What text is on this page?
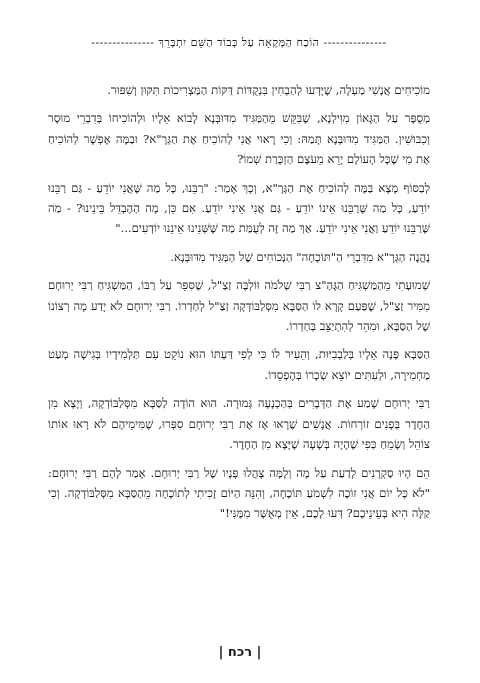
--------------- הוֹכַח הַמְּקָאָה עַל כְּבוֹד הַשֵּׁם יִתְבָּרֵךְ ---------------

מוֹכִיחִים אֲנָשִׁי מַעְלָה, שֶׁיָּדְעוּ לְהַבְחִין בִּנְקֻדּוֹת דַּקּוֹת הַמַּצְרִיכוֹת תִּקּוּן וְשִׁפּוּר.

מְסֻפָּר עַל הַגָּאוֹן מִוִּילְנָא, שֶׁבִּקֵּשׁ מֵהַמַּגִּיד מִדּוּבְּנָא לָבוֹא אֵלָיו וּלְהוֹכִיחוֹ בְּדִבְרֵי מוּסָר וְכִבּוּשִׁין. הַמַּגִּיד מִדּוּבְּנָא תָּמַהּ: וְכִי רָאוּי אֲנִי לְהוֹכִיחַ אֶת הַגְּרָ"א? וּבַמֶּה אֶפְשָׁר לְהוֹכִיחַ אֶת מִי שֶׁכָּל הָעוֹלָם יָרֵא מֵעֹצֶם הַזְכָּרַת שְׁמוֹ?

לְבַסּוֹף מָצָא בַּמֶּה לְהוֹכִיחַ אֶת הַגְּרָ"א, וְכָךְ אָמַר: "רַבֵּנוּ, כָּל מַה שֶּׁאֲנִי יוֹדֵעַ - גַּם רַבֵּנוּ יוֹדֵעַ, כָּל מַה שֶּׁרַבֵּנוּ אֵינוֹ יוֹדֵעַ - גַּם אֲנִי אֵינִי יוֹדֵעַ. אִם כֵּן, מָה הַהֶבְדֵּל בֵּינֵינוּ? - מַה שֶּׁרַבֵּנוּ יוֹדֵעַ וַאֲנִי אֵינִי יוֹדֵעַ. אַךְ מַה זֶּה לְעֻמַּת מַה שֶּׁשְּׁנֵינוּ אֵינֵנוּ יוֹדְעִים..."

נֶהֱנָה הַגְּרָ"א מִדִּבְרֵי הַ"תּוֹכָחָה" הַנְּכוֹחִים שֶׁל הַמַּגִּיד מִדּוּבְּנָא.

שְׁמוּעָתִי מֵהַמַּשְׁגִּיחַ הַגָּהַ"צ רַבִּי שְׁלֹמֹה וּוֹלְבֶּה זַצַ"ל, שֶׁסִּפֵּר עַל רַבּוֹ, הַמַּשְׁגִּיחַ רַבִּי יְרוּחָם מִמִּיר זַצַ"ל, שֶׁפַּעַם קָרָא לוֹ הַסַּבָּא מִסְּלַבּוֹדְקָה זַצַ"ל לְחַדְרוֹ. רַבִּי יְרוּחָם לֹא יָדַע מָה רְצוֹנוֹ שֶׁל הַסַּבָּא, וּמִהֵר לְהִתְיַצֵּב בְּחַדְרוֹ.

הַסַּבָּא פָּנָה אֵלָיו בְּלַבְבִיּוּת, וְהֵעִיר לוֹ כִּי לְפִי דַּעְתּוֹ הוּא נוֹקֵט עִם תַּלְמִידָיו בְּגִישָׁה מְעַט מַחְמִירָה, וּלְעִתִּים יוֹצֵא שְׂכָרוֹ בְּהֶפְסֵדוֹ.

רַבִּי יְרוּחָם שָׁמַע אֶת הַדְּבָרִים בְּהַכְנָעָה גְּמוּרָה. הוּא הוֹדָה לַסַּבָּא מִסְּלַבּוֹדְקָה, וְיָצָא מִן הַחֶדֶר בְּפָנִים זוֹרְחוֹת. אֲנָשִׁים שֶׁרָאוּ אָז אֶת רַבִּי יְרוּחָם סִפְּרוּ, שֶׁמִּימֵיהֶם לֹא רָאוּ אוֹתוֹ צוֹהֵל וְשָׂמֵחַ כְּפִי שֶׁהָיָה בְּשָׁעָה שֶׁיָּצָא מִן הַחֶדֶר.

הֵם הָיוּ סַקְרָנִים לָדַעַת עַל מָה וְלָמָּה צָהֲלוּ פָּנָיו שֶׁל רַבִּי יְרוּחָם. אָמַר לָהֶם רַבִּי יְרוּחָם: "לֹא כָּל יוֹם אֲנִי זוֹכֶה לִשְׁמֹעַ תּוֹכָחָה, וְהִנֵּה הַיּוֹם זָכִיתִי לְתוֹכָחָה מֵהַסַּבָּא מִסְּלַבּוֹדְקָה. וְכִי קַלָּה הִיא בְּעֵינֵיכֶם? דְּעוּ לָכֶם, אֵין מְאֻשָּׁר מִמֶּנִּי!"

| רכח |
